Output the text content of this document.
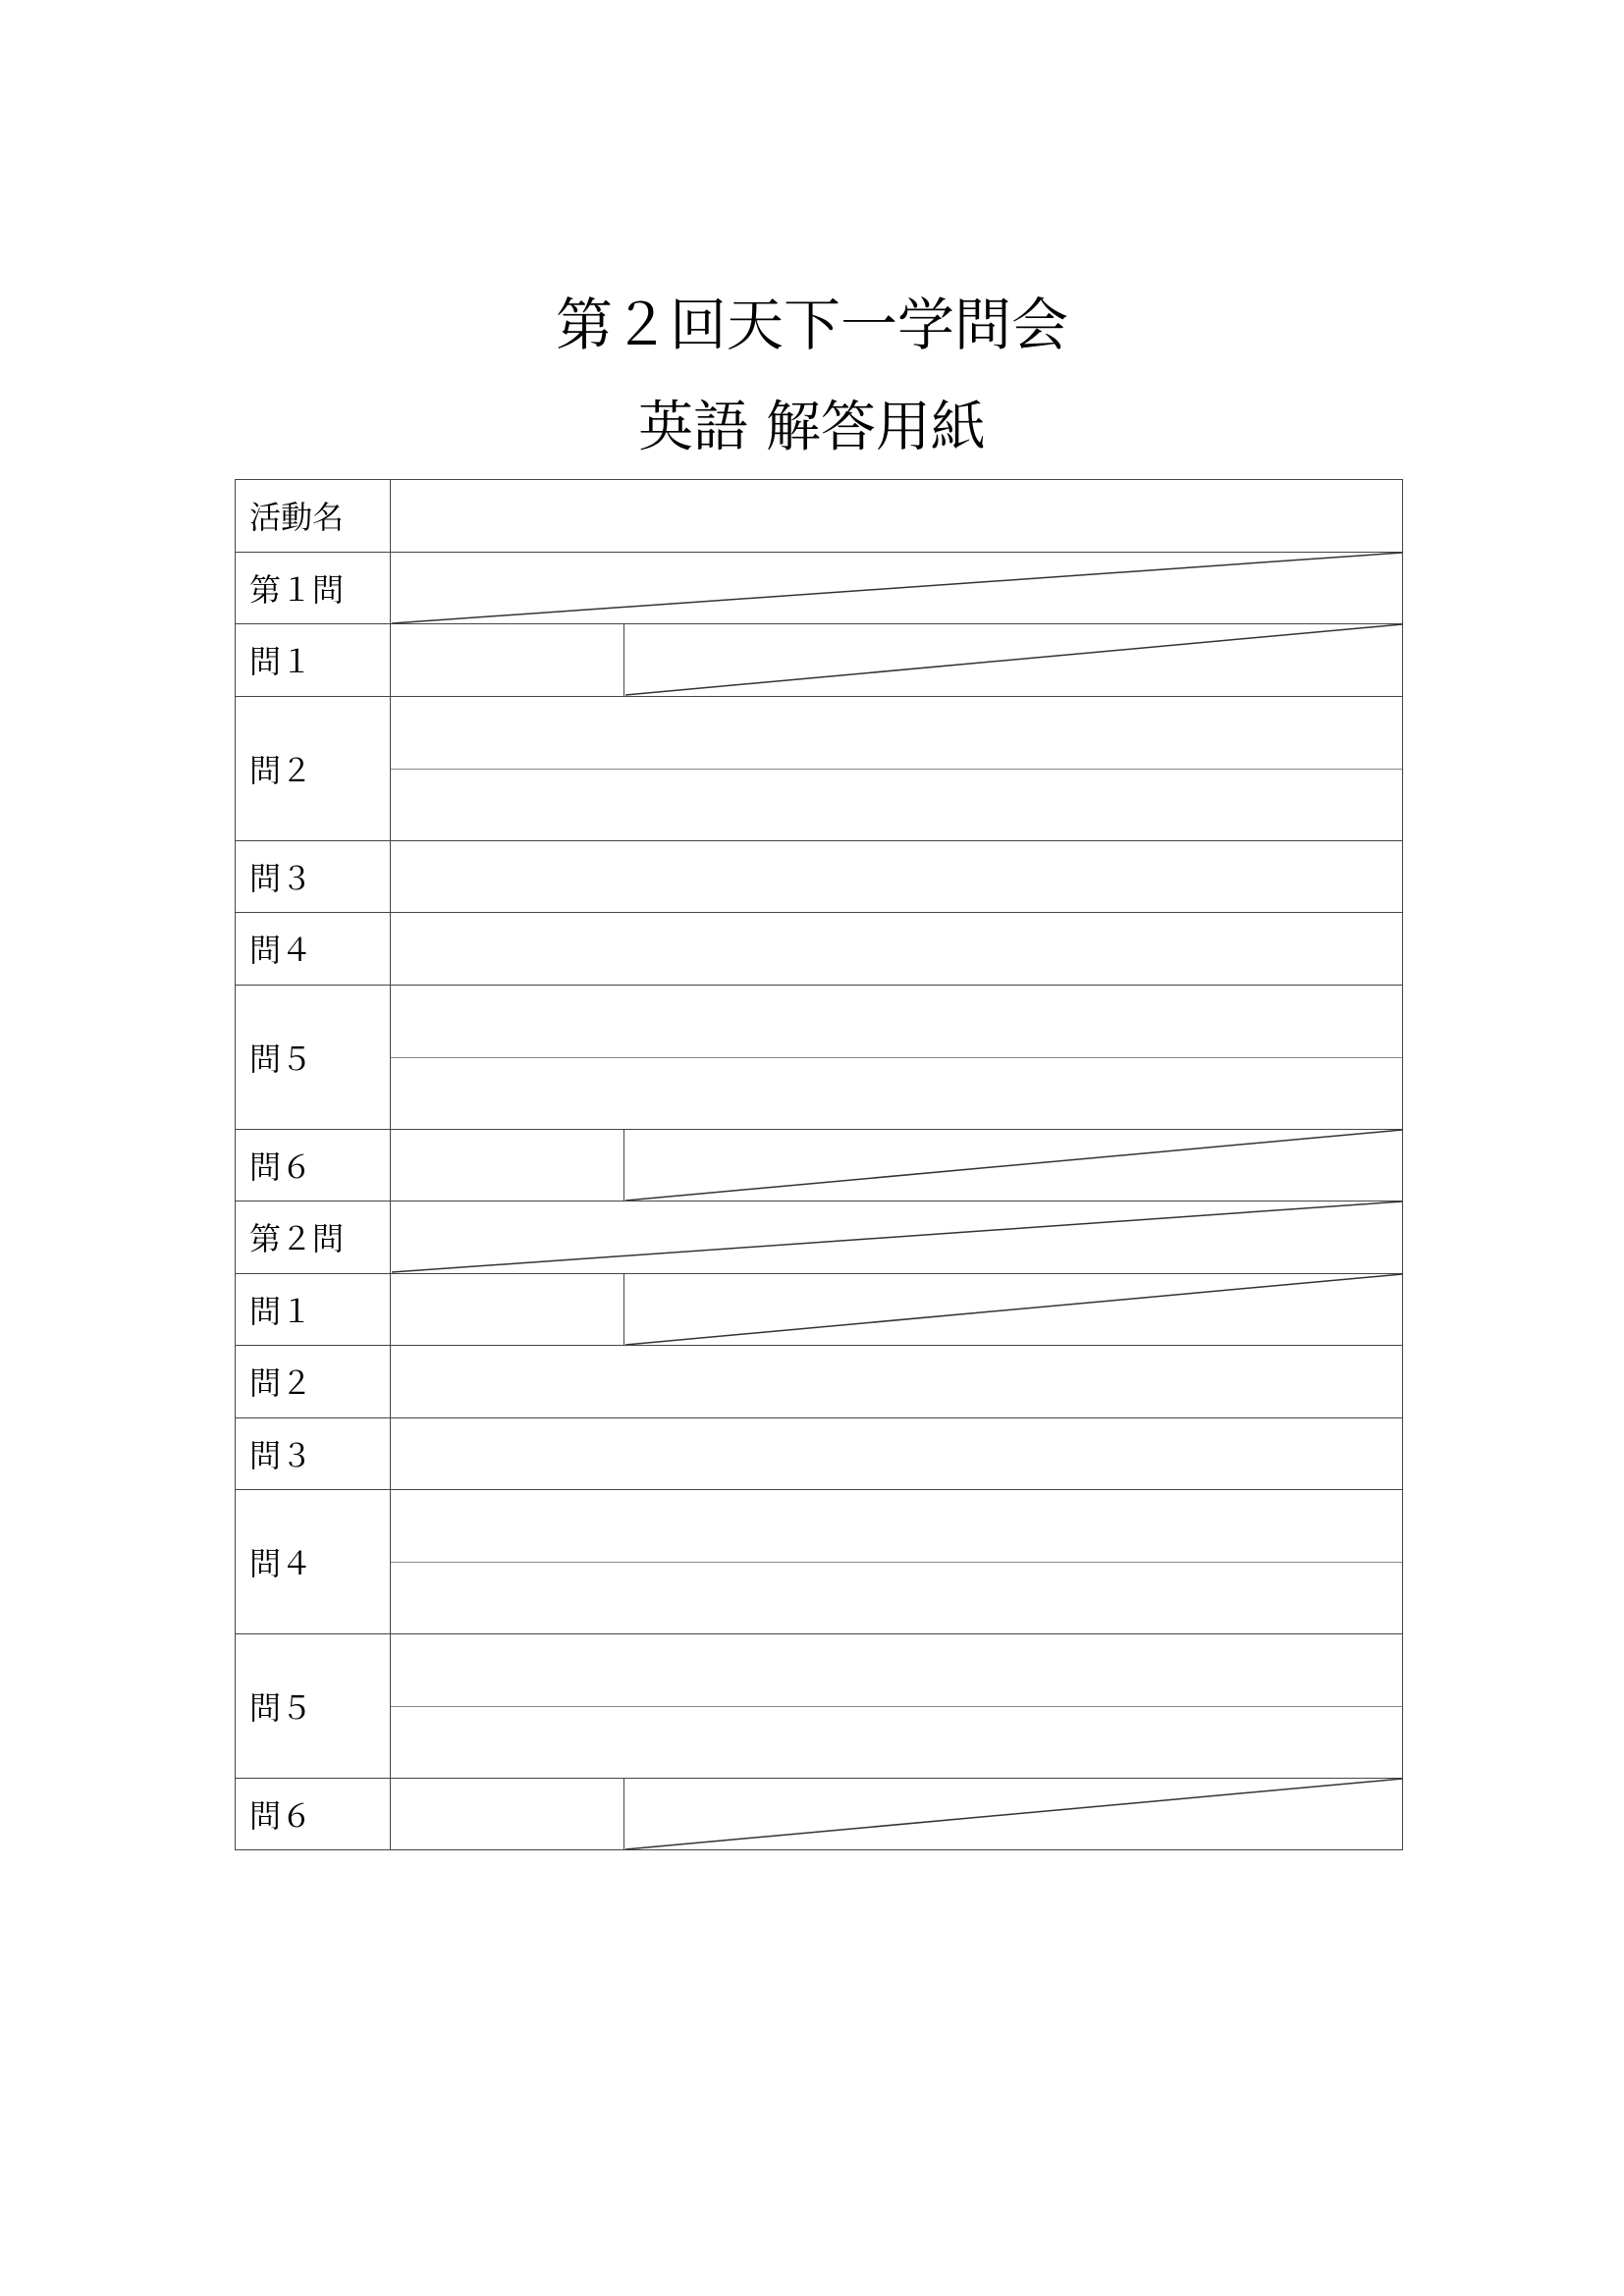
第２回天下一学問会
英語 解答用紙
活動名
第１問
問１
問２
問３
問４
問５
問６
第２問
問１
問２
問３
問４
問５
問６
